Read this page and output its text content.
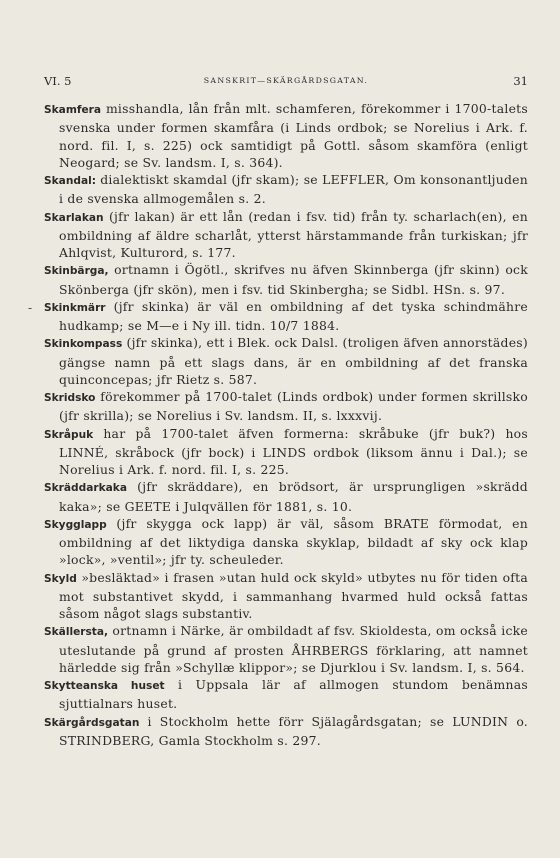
VI. 5	SANSKRIT—SKÄRGÅRDSGATAN.	31
-

Skamfera misshandla, lån från mlt. schamferen, förekommer i 1700-talets svenska under formen skamfåra (i Linds ordbok; se Norelius i Ark. f. nord. fil. I, s. 225) ock samtidigt på Gottl. såsom skamföra (enligt Neogard; se Sv. landsm. I, s. 364).

Skandal: dialektiskt skamdal (jfr skam); se LEFFLER, Om konsonantljuden i de svenska allmogemålen s. 2.

Skarlakan (jfr lakan) är ett lån (redan i fsv. tid) från ty. scharlach(en), en ombildning af äldre scharlåt, ytterst härstammande från turkiskan; jfr Ahlqvist, Kulturord, s. 177.

Skinbärga, ortnamn i Ögötl., skrifves nu äfven Skinnberga (jfr skinn) ock Skönberga (jfr skön), men i fsv. tid Skinbergha; se Sidbl. HSn. s. 97.

Skinkmärr (jfr skinka) är väl en ombildning af det tyska schindmähre hudkamp; se M—e i Ny ill. tidn. 10/7 1884.

Skinkompass (jfr skinka), ett i Blek. ock Dalsl. (troligen äfven annorstädes) gängse namn på ett slags dans, är en ombildning af det franska quinconcepas; jfr Rietz s. 587.

Skridsko förekommer på 1700-talet (Linds ordbok) under formen skrillsko (jfr skrilla); se Norelius i Sv. landsm. II, s. lxxxvij.

Skråpuk har på 1700-talet äfven formerna: skråbuke (jfr buk?) hos LINNÉ, skråbock (jfr bock) i LINDS ordbok (liksom ännu i Dal.); se Norelius i Ark. f. nord. fil. I, s. 225.

Skräddarkaka (jfr skräddare), en brödsort, är ursprungligen »skrädd kaka»; se GEETE i Julqvällen för 1881, s. 10.

Skygglapp (jfr skygga ock lapp) är väl, såsom BRATE förmodat, en ombildning af det liktydiga danska skyklap, bildadt af sky ock klap »lock», »ventil»; jfr ty. scheuleder.

Skyld »besläktad» i frasen »utan huld ock skyld» utbytes nu för tiden ofta mot substantivet skydd, i sammanhang hvarmed huld också fattas såsom något slags substantiv.

Skällersta, ortnamn i Närke, är ombildadt af fsv. Skioldesta, om också icke uteslutande på grund af prosten ÅHRBERGS förklaring, att namnet härledde sig från »Schyllæ klippor»; se Djurklou i Sv. landsm. I, s. 564.

Skytteanska huset i Uppsala lär af allmogen stundom benämnas sjuttialnars huset.

Skärgårdsgatan i Stockholm hette förr Själagårdsgatan; se LUNDIN o. STRINDBERG, Gamla Stockholm s. 297.
